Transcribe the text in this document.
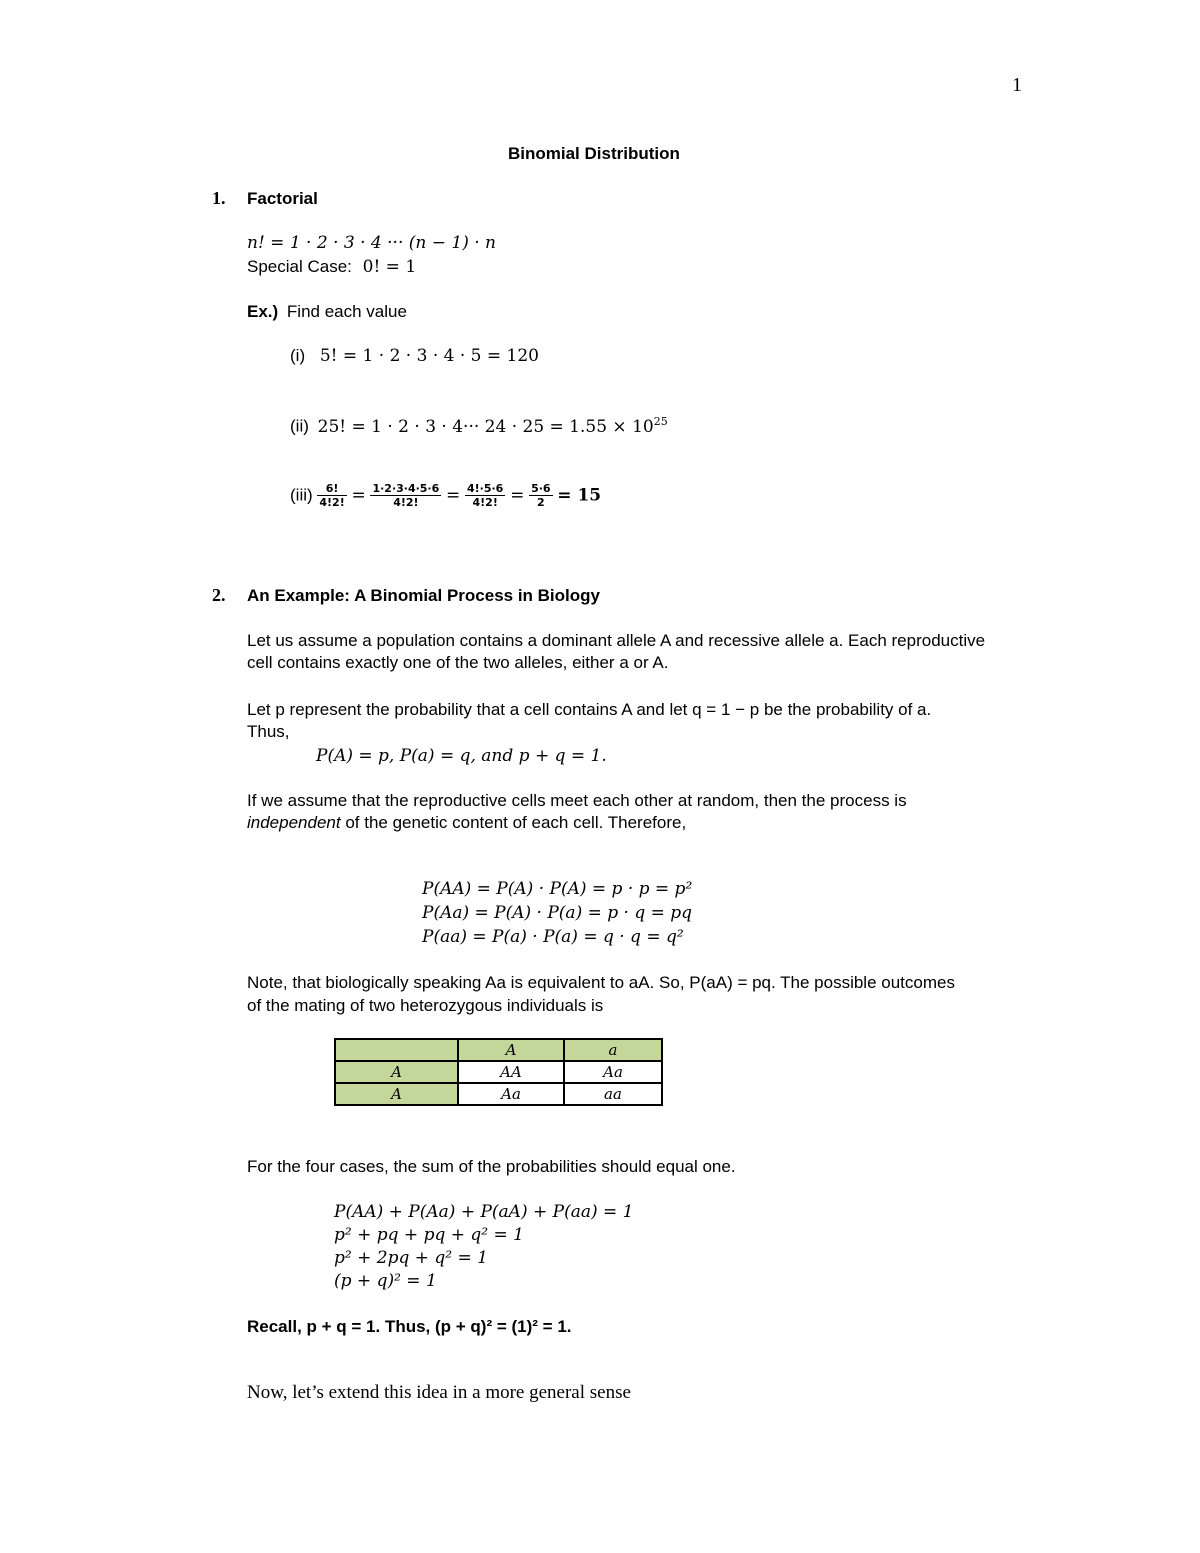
1
Binomial Distribution
1. Factorial
n! = 1 · 2 · 3 · 4 ··· (n − 1) · n
Special Case: 0! = 1
Ex.) Find each value
(i) 5! = 1 · 2 · 3 · 4 · 5 = 120
(ii) 25! = $1 \cdot 2 \cdot 3 \cdot 4\cdot\cdot\cdot 24 \cdot 25 = 1.55 \times 10^{25}$
$(iii) \frac{6!}{4!2!} = \frac{1\cdot 2\cdot 3\cdot 4\cdot 5\cdot 6}{4!2!} = \frac{4!\cdot 5\cdot 6}{4!2!} = \frac{5\cdot 6}{2} = 15$
2. An Example: A Binomial Process in Biology
Let us assume a population contains a dominant allele A and recessive allele a. Each reproductive
cell contains exactly one of the two alleles, either a or A.
Let p represent the probability that a cell contains A and let q = 1 − p be the probability of a.
Thus,
P(A) = p, P(a) = q, and p + q = 1.
If we assume that the reproductive cells meet each other at random, then the process is
independent of the genetic content of each cell. Therefore,
P(AA) = P(A) · P(A) = p · p = p²
P(Aa) = P(A) · P(a) = p · q = pq
P(aa) = P(a) · P(a) = q · q = q²
Note, that biologically speaking Aa is equivalent to aA. So, P(aA) = pq. The possible outcomes
of the mating of two heterozygous individuals is
	A	a
A	AA	Aa
A	Aa	aa
For the four cases, the sum of the probabilities should equal one.
P(AA) + P(Aa) + P(aA) + P(aa) = 1
p² + pq + pq + q² = 1
p² + 2pq + q² = 1
(p + q)² = 1
Recall, p + q = 1. Thus, (p + q)² = (1)² = 1.
Now, let’s extend this idea in a more general sense
